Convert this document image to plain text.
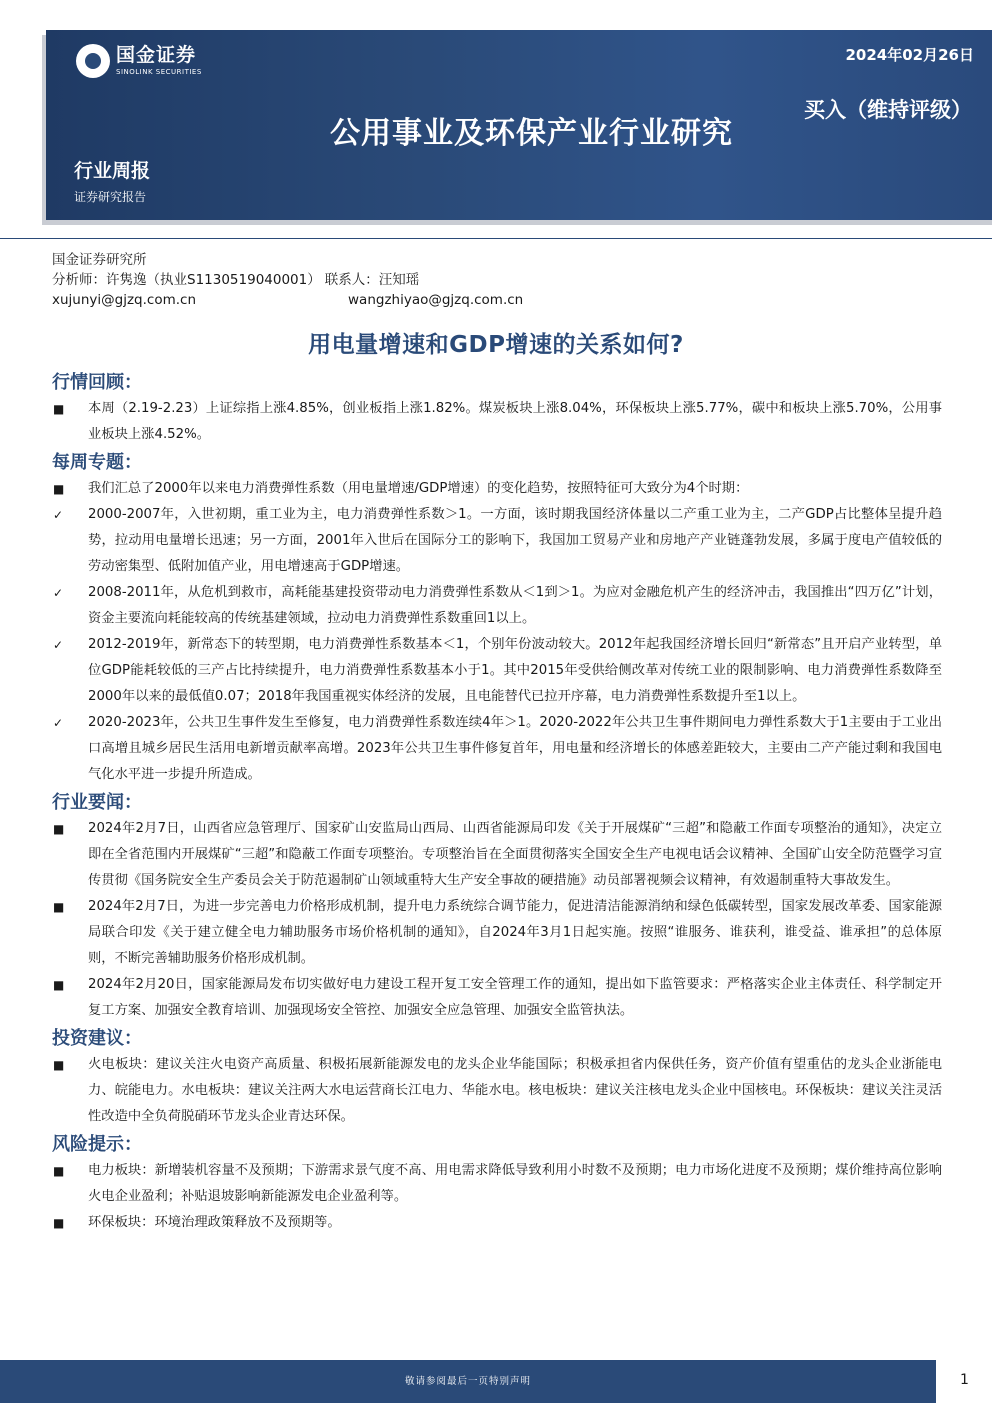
国金证券
SINOLINK SECURITIES
2024年02月26日
买入（维持评级）
公用事业及环保产业行业研究
行业周报
证券研究报告
国金证券研究所
分析师：许隽逸（执业S1130519040001） 联系人：汪知瑶
xujunyi@gjzq.com.cn	wangzhiyao@gjzq.com.cn
用电量增速和GDP增速的关系如何?
行情回顾：
■	本周（2.19-2.23）上证综指上涨4.85%，创业板指上涨1.82%。煤炭板块上涨8.04%，环保板块上涨5.77%，碳中和板块上涨5.70%，公用事业板块上涨4.52%。
每周专题：
■	我们汇总了2000年以来电力消费弹性系数（用电量增速/GDP增速）的变化趋势，按照特征可大致分为4个时期：
✓	2000-2007年，入世初期，重工业为主，电力消费弹性系数＞1。一方面，该时期我国经济体量以二产重工业为主，二产GDP占比整体呈提升趋势，拉动用电量增长迅速；另一方面，2001年入世后在国际分工的影响下，我国加工贸易产业和房地产产业链蓬勃发展，多属于度电产值较低的劳动密集型、低附加值产业，用电增速高于GDP增速。
✓	2008-2011年，从危机到救市，高耗能基建投资带动电力消费弹性系数从＜1到＞1。为应对金融危机产生的经济冲击，我国推出“四万亿”计划，资金主要流向耗能较高的传统基建领域，拉动电力消费弹性系数重回1以上。
✓	2012-2019年，新常态下的转型期，电力消费弹性系数基本＜1，个别年份波动较大。2012年起我国经济增长回归“新常态”且开启产业转型，单位GDP能耗较低的三产占比持续提升，电力消费弹性系数基本小于1。其中2015年受供给侧改革对传统工业的限制影响、电力消费弹性系数降至2000年以来的最低值0.07；2018年我国重视实体经济的发展，且电能替代已拉开序幕，电力消费弹性系数提升至1以上。
✓	2020-2023年，公共卫生事件发生至修复，电力消费弹性系数连续4年＞1。2020-2022年公共卫生事件期间电力弹性系数大于1主要由于工业出口高增且城乡居民生活用电新增贡献率高增。2023年公共卫生事件修复首年，用电量和经济增长的体感差距较大，主要由二产产能过剩和我国电气化水平进一步提升所造成。
行业要闻：
■	2024年2月7日，山西省应急管理厅、国家矿山安监局山西局、山西省能源局印发《关于开展煤矿“三超”和隐蔽工作面专项整治的通知》，决定立即在全省范围内开展煤矿“三超”和隐蔽工作面专项整治。专项整治旨在全面贯彻落实全国安全生产电视电话会议精神、全国矿山安全防范暨学习宣传贯彻《国务院安全生产委员会关于防范遏制矿山领域重特大生产安全事故的硬措施》动员部署视频会议精神，有效遏制重特大事故发生。
■	2024年2月7日，为进一步完善电力价格形成机制，提升电力系统综合调节能力，促进清洁能源消纳和绿色低碳转型，国家发展改革委、国家能源局联合印发《关于建立健全电力辅助服务市场价格机制的通知》，自2024年3月1日起实施。按照“谁服务、谁获利，谁受益、谁承担”的总体原则，不断完善辅助服务价格形成机制。
■	2024年2月20日，国家能源局发布切实做好电力建设工程开复工安全管理工作的通知，提出如下监管要求：严格落实企业主体责任、科学制定开复工方案、加强安全教育培训、加强现场安全管控、加强安全应急管理、加强安全监管执法。
投资建议：
■	火电板块：建议关注火电资产高质量、积极拓展新能源发电的龙头企业华能国际；积极承担省内保供任务，资产价值有望重估的龙头企业浙能电力、皖能电力。水电板块：建议关注两大水电运营商长江电力、华能水电。核电板块：建议关注核电龙头企业中国核电。环保板块：建议关注灵活性改造中全负荷脱硝环节龙头企业青达环保。
风险提示：
■	电力板块：新增装机容量不及预期；下游需求景气度不高、用电需求降低导致利用小时数不及预期；电力市场化进度不及预期；煤价维持高位影响火电企业盈利；补贴退坡影响新能源发电企业盈利等。
■	环保板块：环境治理政策释放不及预期等。
敬请参阅最后一页特别声明	1
